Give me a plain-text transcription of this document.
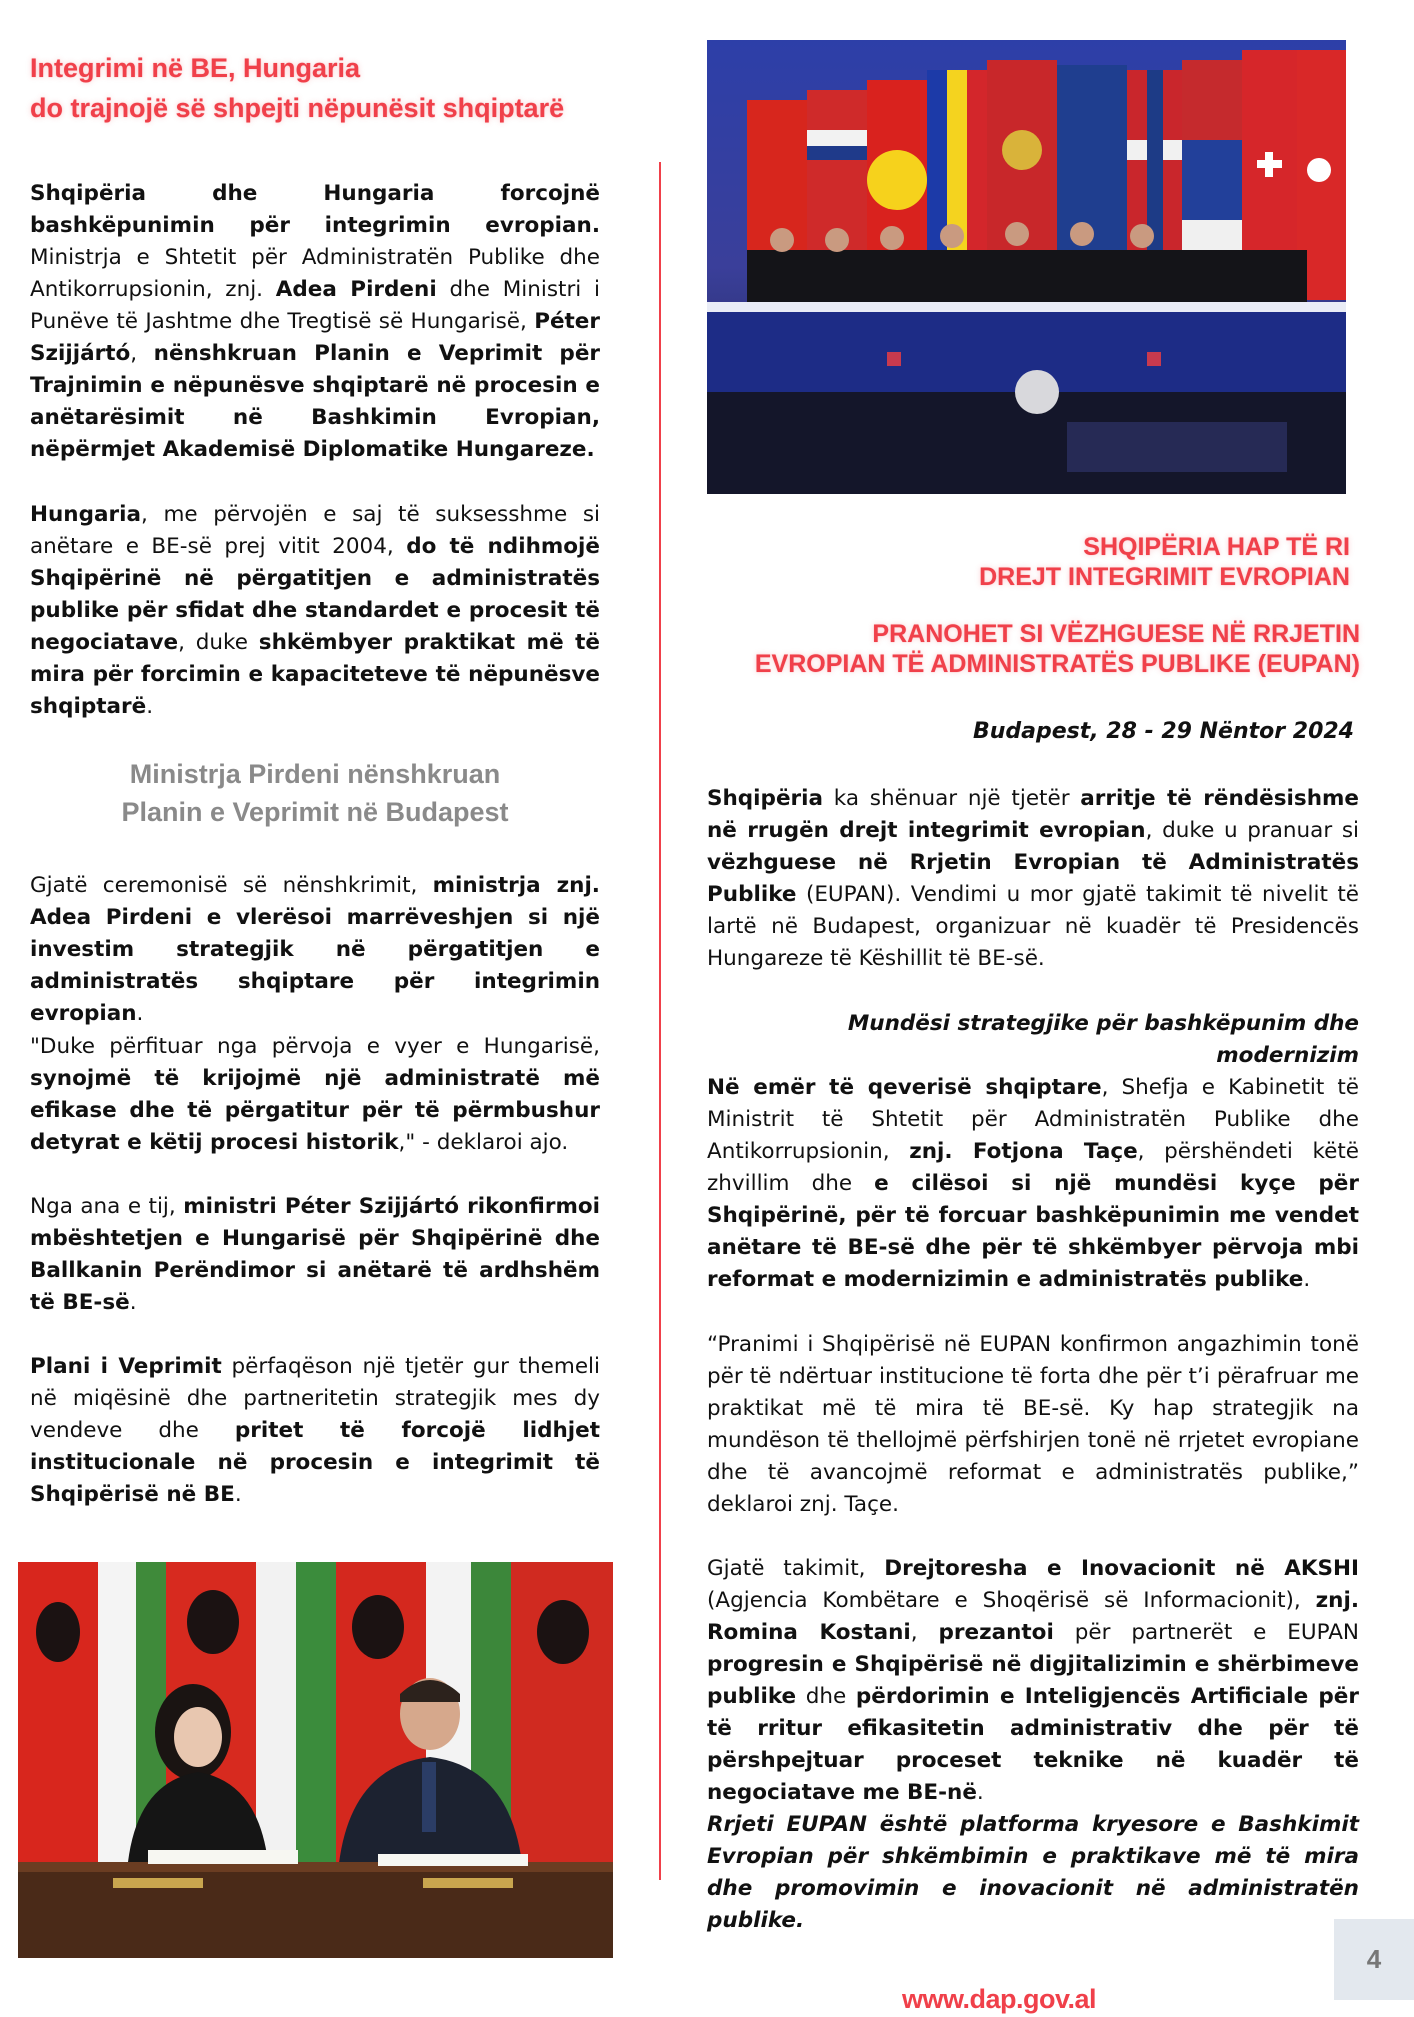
Integrimi në BE, Hungaria
do trajnojë së shpejti nëpunësit shqiptarë

Shqipëria dhe Hungaria forcojnë bashkëpunimin për integrimin evropian. Ministrja e Shtetit për Administratën Publike dhe Antikorrupsionin, znj. Adea Pirdeni dhe Ministri i Punëve të Jashtme dhe Tregtisë së Hungarisë, Péter Szijjártó, nënshkruan Planin e Veprimit për Trajnimin e nëpunësve shqiptarë në procesin e anëtarësimit në Bashkimin Evropian, nëpërmjet Akademisë Diplomatike Hungareze.

Hungaria, me përvojën e saj të suksesshme si anëtare e BE-së prej vitit 2004, do të ndihmojë Shqipërinë në përgatitjen e administratës publike për sfidat dhe standardet e procesit të negociatave, duke shkëmbyer praktikat më të mira për forcimin e kapaciteteve të nëpunësve shqiptarë.

Ministrja Pirdeni nënshkruan
Planin e Veprimit në Budapest

Gjatë ceremonisë së nënshkrimit, ministrja znj. Adea Pirdeni e vlerësoi marrëveshjen si një investim strategjik në përgatitjen e administratës shqiptare për integrimin evropian.

"Duke përfituar nga përvoja e vyer e Hungarisë, synojmë të krijojmë një administratë më efikase dhe të përgatitur për të përmbushur detyrat e këtij procesi historik," - deklaroi ajo.

Nga ana e tij, ministri Péter Szijjártó rikonfirmoi mbështetjen e Hungarisë për Shqipërinë dhe Ballkanin Perëndimor si anëtarë të ardhshëm të BE-së.

Plani i Veprimit përfaqëson një tjetër gur themeli në miqësinë dhe partneritetin strategjik mes dy vendeve dhe pritet të forcojë lidhjet institucionale në procesin e integrimit të Shqipërisë në BE.

SHQIPËRIA HAP TË RI
DREJT INTEGRIMIT EVROPIAN
PRANOHET SI VËZHGUESE NË RRJETIN
EVROPIAN TË ADMINISTRATËS PUBLIKE (EUPAN)
Budapest, 28 - 29 Nëntor 2024

Shqipëria ka shënuar një tjetër arritje të rëndësishme në rrugën drejt integrimit evropian, duke u pranuar si vëzhguese në Rrjetin Evropian të Administratës Publike (EUPAN). Vendimi u mor gjatë takimit të nivelit të lartë në Budapest, organizuar në kuadër të Presidencës Hungareze të Këshillit të BE-së.

Mundësi strategjike për bashkëpunim dhe modernizim

Në emër të qeverisë shqiptare, Shefja e Kabinetit të Ministrit të Shtetit për Administratën Publike dhe Antikorrupsionin, znj. Fotjona Taçe, përshëndeti këtë zhvillim dhe e cilësoi si një mundësi kyçe për Shqipërinë, për të forcuar bashkëpunimin me vendet anëtare të BE-së dhe për të shkëmbyer përvoja mbi reformat e modernizimin e administratës publike.

“Pranimi i Shqipërisë në EUPAN konfirmon angazhimin tonë për të ndërtuar institucione të forta dhe për t’i përafruar me praktikat më të mira të BE-së. Ky hap strategjik na mundëson të thellojmë përfshirjen tonë në rrjetet evropiane dhe të avancojmë reformat e administratës publike,” deklaroi znj. Taçe.

Gjatë takimit, Drejtoresha e Inovacionit në AKSHI (Agjencia Kombëtare e Shoqërisë së Informacionit), znj. Romina Kostani, prezantoi për partnerët e EUPAN progresin e Shqipërisë në digjitalizimin e shërbimeve publike dhe përdorimin e Inteligjencës Artificiale për të rritur efikasitetin administrativ dhe për të përshpejtuar proceset teknike në kuadër të negociatave me BE-në.

Rrjeti EUPAN është platforma kryesore e Bashkimit Evropian për shkëmbimin e praktikave më të mira dhe promovimin e inovacionit në administratën publike.

www.dap.gov.al
4
